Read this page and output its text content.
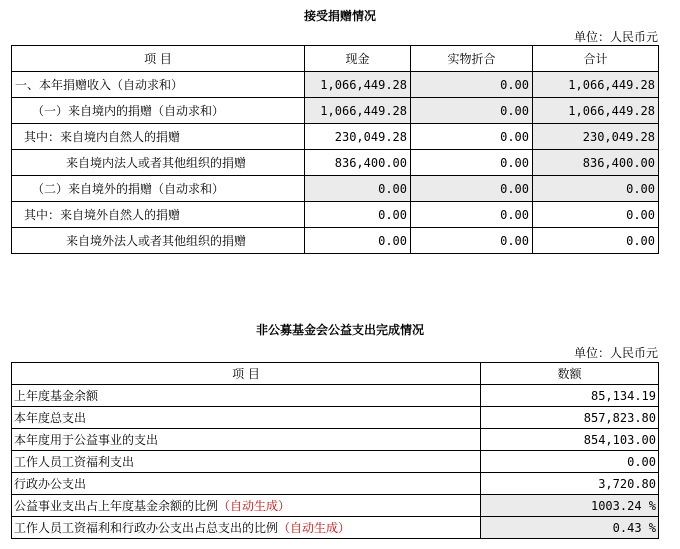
接受捐赠情况
单位：人民币元
项 目	现金	实物折合	合计
一、本年捐赠收入（自动求和）	1,066,449.28	0.00	1,066,449.28
（一）来自境内的捐赠（自动求和）	1,066,449.28	0.00	1,066,449.28
其中：来自境内自然人的捐赠	230,049.28	0.00	230,049.28
来自境内法人或者其他组织的捐赠	836,400.00	0.00	836,400.00
（二）来自境外的捐赠（自动求和）	0.00	0.00	0.00
其中：来自境外自然人的捐赠	0.00	0.00	0.00
来自境外法人或者其他组织的捐赠	0.00	0.00	0.00
非公募基金会公益支出完成情况
单位：人民币元
项 目	数额
上年度基金余额	85,134.19
本年度总支出	857,823.80
本年度用于公益事业的支出	854,103.00
工作人员工资福利支出	0.00
行政办公支出	3,720.80
公益事业支出占上年度基金余额的比例（自动生成）	1003.24 %
工作人员工资福利和行政办公支出占总支出的比例（自动生成）	0.43 %
